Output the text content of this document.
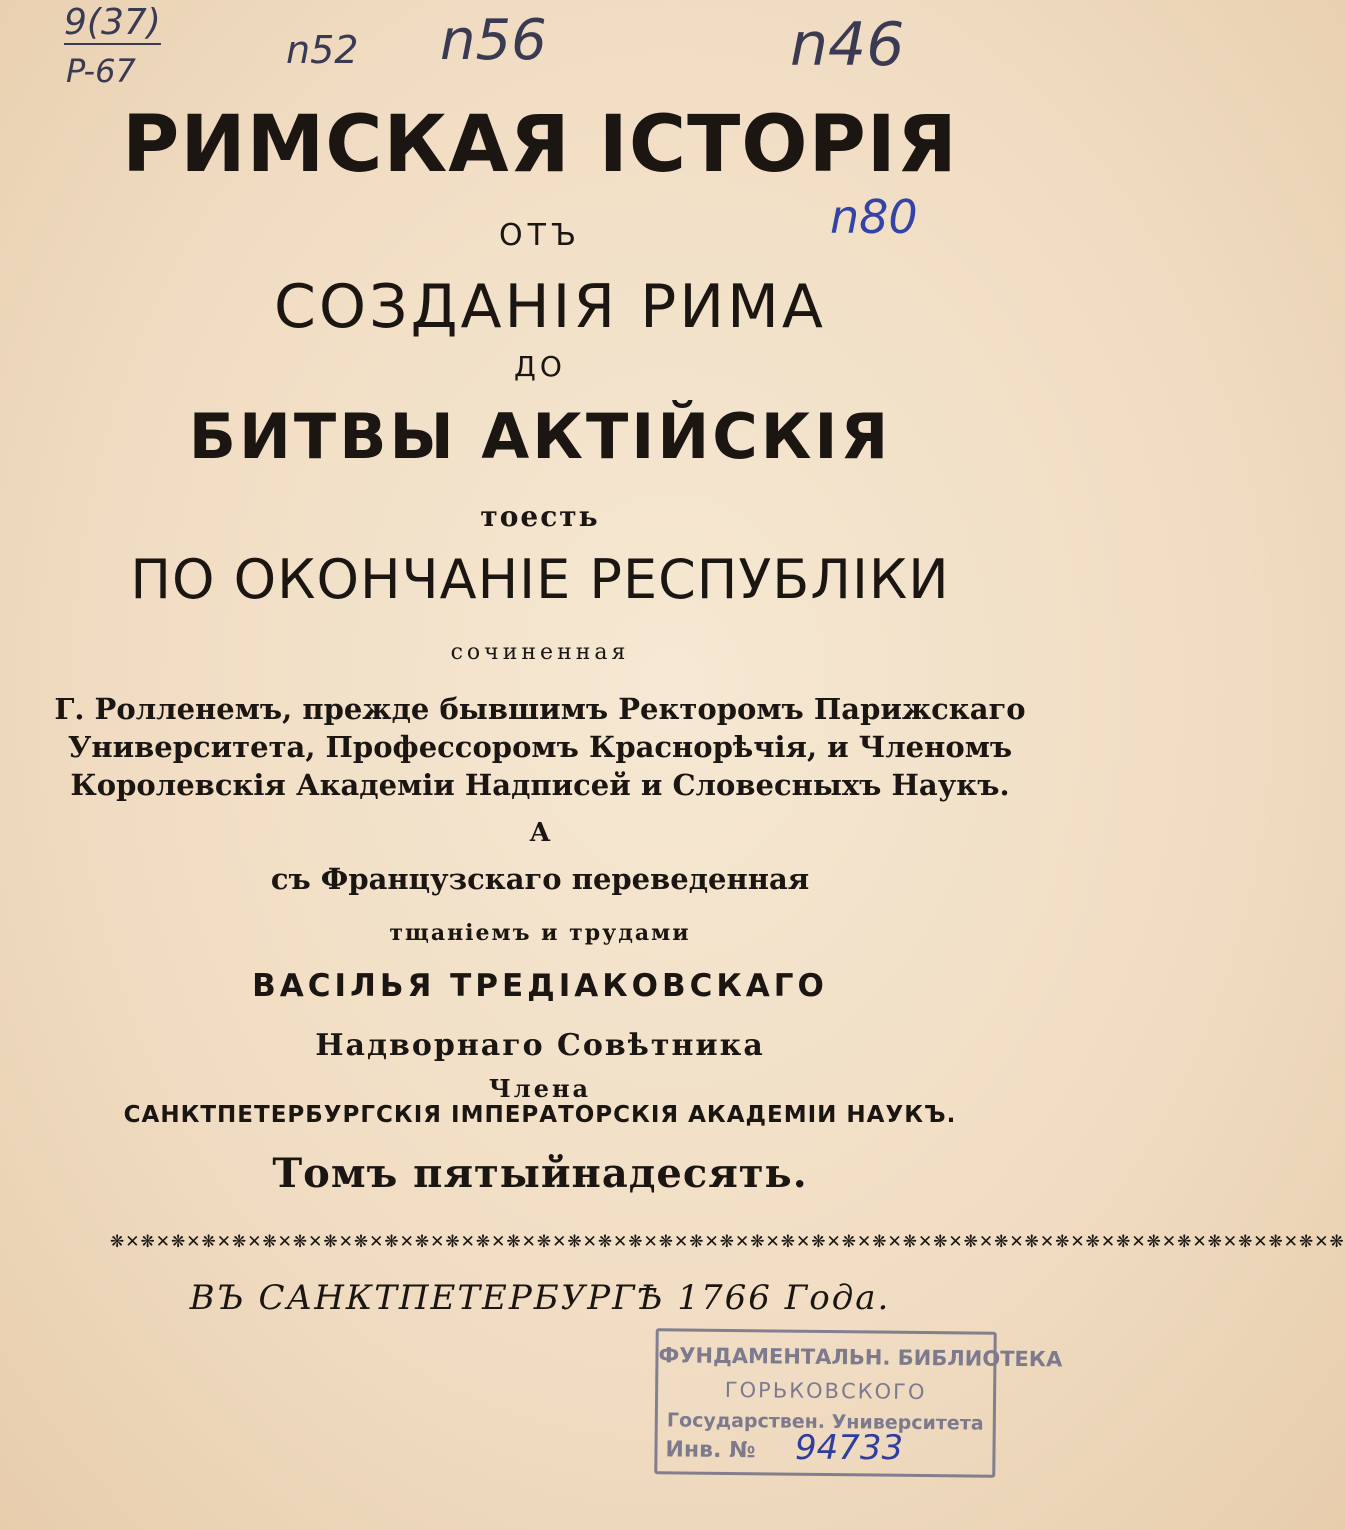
9(37)
P-67	n52 n56	n46
n80
РИМСКАЯ ІСТОРІЯ
ОТЪ
СОЗДАНІЯ РИМА
ДО
БИТВЫ АКТІЙСКІЯ
тоесть
ПО ОКОНЧАНІЕ РЕСПУБЛІКИ
сочиненная
Г. Ролленемъ, прежде бывшимъ Ректоромъ Парижскаго
Университета, Профессоромъ Краснорѣчія, и Членомъ
Королевскія Академіи Надписей и Словесныхъ Наукъ.
А
съ Французскаго переведенная
тщаніемъ и трудами
ВАСІЛЬЯ ТРЕДІАКОВСКАГО
Надворнаго Совѣтника
Члена
САНКТПЕТЕРБУРГСКІЯ ІМПЕРАТОРСКІЯ АКАДЕМІИ НАУКЪ.
Томъ пятыйнадесять.
❋✕❋✕❋✕❋✕❋✕❋✕❋✕❋✕❋✕❋✕❋✕❋✕❋✕❋✕❋✕❋✕❋✕❋✕❋✕❋✕❋✕❋✕❋✕❋✕❋✕❋✕❋✕❋✕❋✕❋✕❋✕❋✕❋✕❋✕❋✕❋✕❋✕❋✕❋✕❋✕❋
ВЪ САНКТПЕТЕРБУРГѢ 1766 Года.
ФУНДАМЕНТАЛЬН. БИБЛИОТЕКА
ГОРЬКОВСКОГО
Государствен. Университета
Инв. № 94733
